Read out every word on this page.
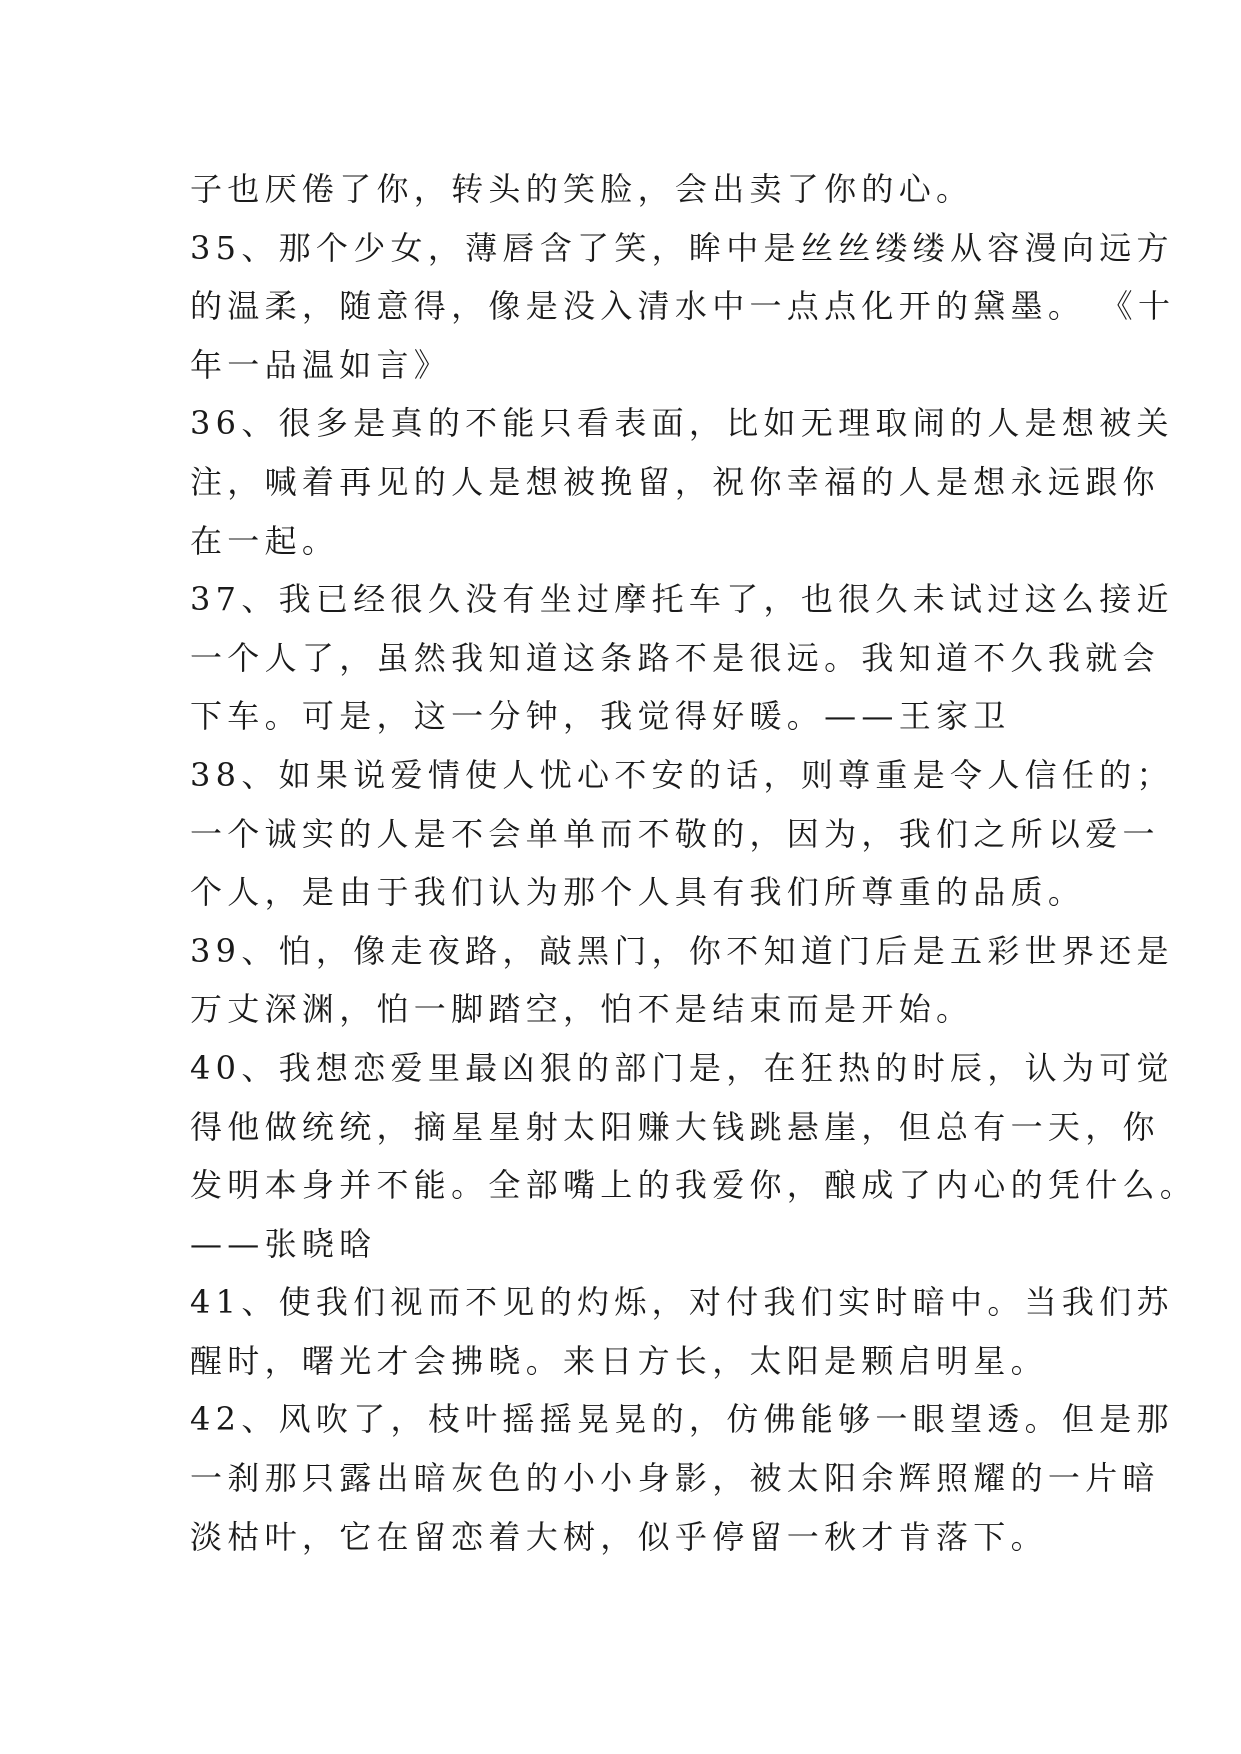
子也厌倦了你，转头的笑脸，会出卖了你的心。
35、那个少女，薄唇含了笑，眸中是丝丝缕缕从容漫向远方
的温柔，随意得，像是没入清水中一点点化开的黛墨。 《十
年一品温如言》
36、很多是真的不能只看表面，比如无理取闹的人是想被关
注，喊着再见的人是想被挽留，祝你幸福的人是想永远跟你
在一起。
37、我已经很久没有坐过摩托车了，也很久未试过这么接近
一个人了，虽然我知道这条路不是很远。我知道不久我就会
下车。可是，这一分钟，我觉得好暖。——王家卫
38、如果说爱情使人忧心不安的话，则尊重是令人信任的；
一个诚实的人是不会单单而不敬的，因为，我们之所以爱一
个人，是由于我们认为那个人具有我们所尊重的品质。
39、怕，像走夜路，敲黑门，你不知道门后是五彩世界还是
万丈深渊，怕一脚踏空，怕不是结束而是开始。
40、我想恋爱里最凶狠的部门是，在狂热的时辰，认为可觉
得他做统统，摘星星射太阳赚大钱跳悬崖，但总有一天，你
发明本身并不能。全部嘴上的我爱你，酿成了内心的凭什么。
——张晓晗
41、使我们视而不见的灼烁，对付我们实时暗中。当我们苏
醒时，曙光才会拂晓。来日方长，太阳是颗启明星。
42、风吹了，枝叶摇摇晃晃的，仿佛能够一眼望透。但是那
一刹那只露出暗灰色的小小身影，被太阳余辉照耀的一片暗
淡枯叶，它在留恋着大树，似乎停留一秋才肯落下。
